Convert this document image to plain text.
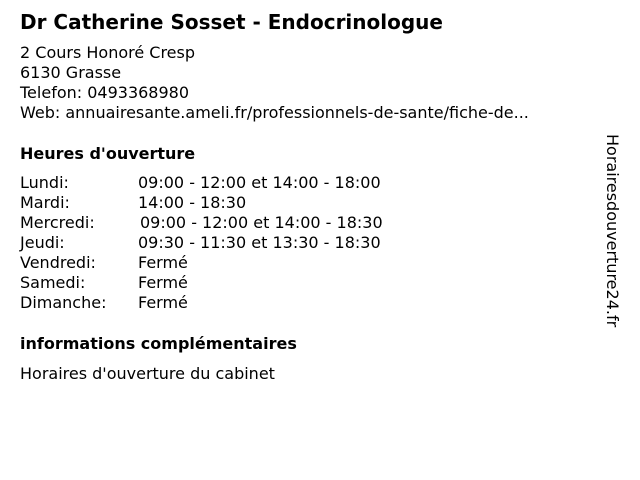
Dr Catherine Sosset - Endocrinologue
2 Cours Honoré Cresp
6130 Grasse
Telefon: 0493368980
Web: annuairesante.ameli.fr/professionnels-de-sante/fiche-de...
Heures d'ouverture
Lundi:	09:00 - 12:00 et 14:00 - 18:00
Mardi:	14:00 - 18:30
Mercredi:	09:00 - 12:00 et 14:00 - 18:30
Jeudi:	09:30 - 11:30 et 13:30 - 18:30
Vendredi:	Fermé
Samedi:	Fermé
Dimanche: Fermé
informations complémentaires
Horaires d'ouverture du cabinet
Horairesdouverture24.fr
